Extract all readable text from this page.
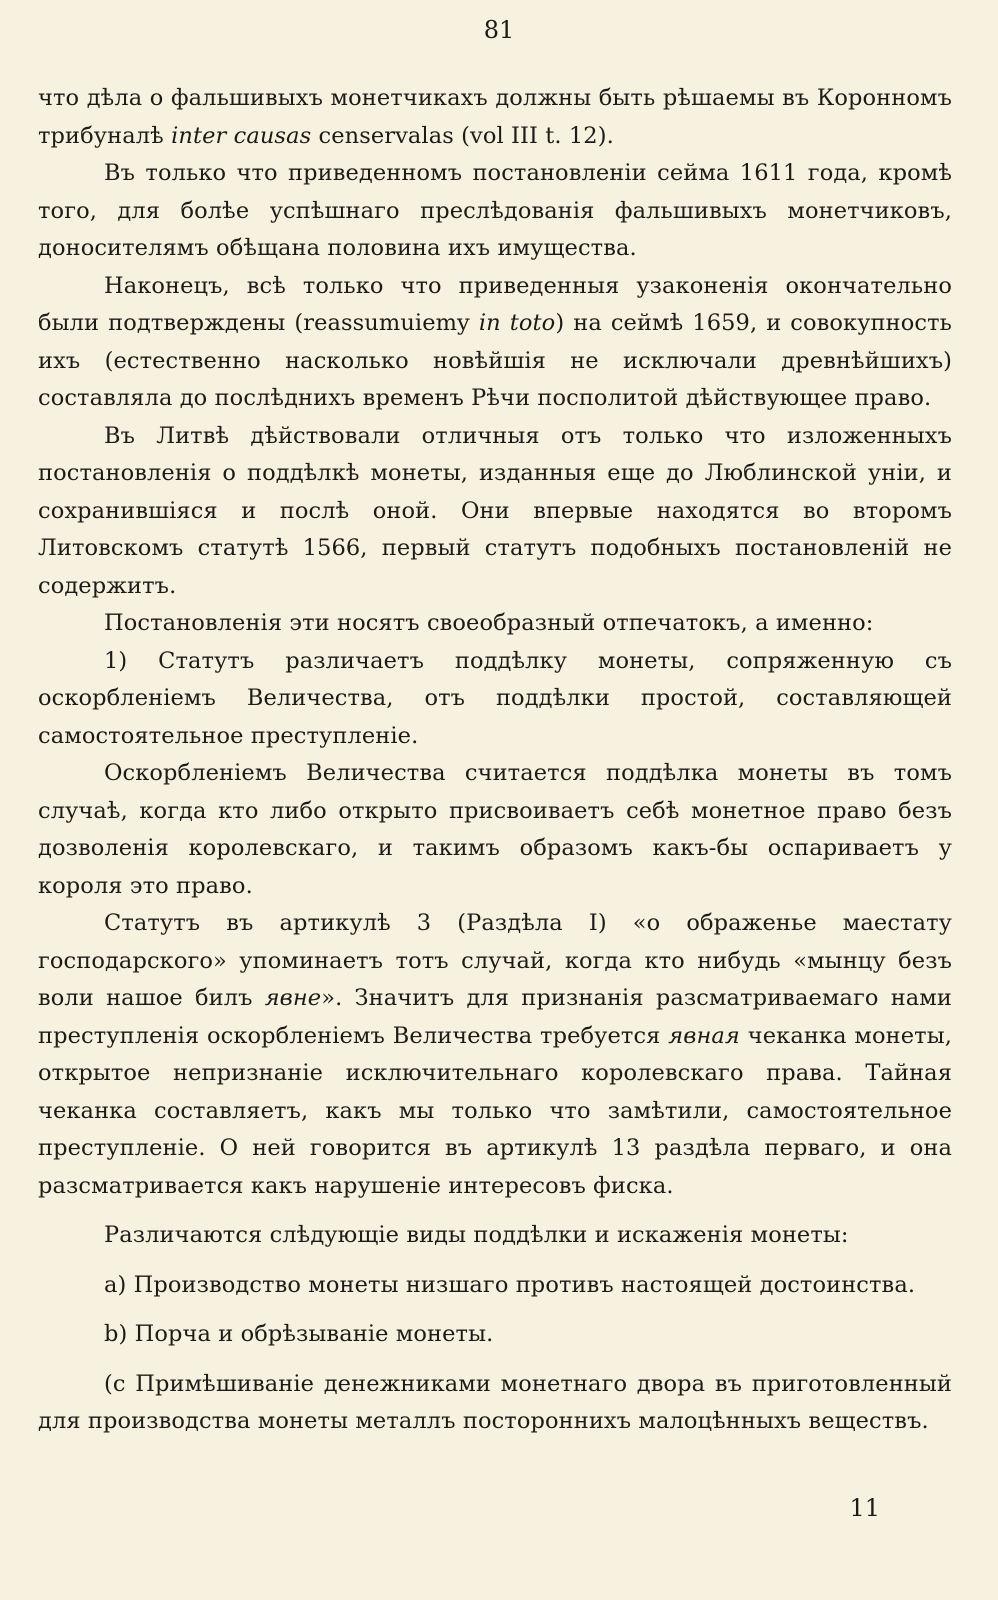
81

что дѣла о фальшивыхъ монетчикахъ должны быть рѣшаемы въ Коронномъ трибуналѣ inter causas censervalas (vol III t. 12).

Въ только что приведенномъ постановленіи сейма 1611 года, кромѣ того, для болѣе успѣшнаго преслѣдованія фальшивыхъ монетчиковъ, доносителямъ обѣщана половина ихъ имущества.

Наконецъ, всѣ только что приведенныя узаконенія окончательно были подтверждены (reassumuiemy in toto) на сеймѣ 1659, и совокупность ихъ (естественно насколько новѣйшія не исключали древнѣйшихъ) составляла до послѣднихъ временъ Рѣчи посполитой дѣйствующее право.

Въ Литвѣ дѣйствовали отличныя отъ только что изложенныхъ постановленія о поддѣлкѣ монеты, изданныя еще до Люблинской уніи, и сохранившіяся и послѣ оной. Они впервые находятся во второмъ Литовскомъ статутѣ 1566, первый статутъ подобныхъ постановленій не содержитъ.

Постановленія эти носятъ своеобразный отпечатокъ, а именно:

1) Статутъ различаетъ поддѣлку монеты, сопряженную съ оскорбленіемъ Величества, отъ поддѣлки простой, составляющей самостоятельное преступленіе.

Оскорбленіемъ Величества считается поддѣлка монеты въ томъ случаѣ, когда кто либо открыто присвоиваетъ себѣ монетное право безъ дозволенія королевскаго, и такимъ образомъ какъ-бы оспариваетъ у короля это право.

Статутъ въ артикулѣ 3 (Раздѣла I) «о ображенье маестату господарского» упоминаетъ тотъ случай, когда кто нибудь «мынцу безъ воли нашое билъ явне». Значитъ для признанія разсматриваемаго нами преступленія оскорбленіемъ Величества требуется явная чеканка монеты, открытое непризнаніе исключительнаго королевскаго права. Тайная чеканка составляетъ, какъ мы только что замѣтили, самостоятельное преступленіе. О ней говорится въ артикулѣ 13 раздѣла перваго, и она разсматривается какъ нарушеніе интересовъ фиска.

Различаются слѣдующіе виды поддѣлки и искаженія монеты:

а) Производство монеты низшаго противъ настоящей достоинства.

b) Порча и обрѣзываніе монеты.

(c Примѣшиваніе денежниками монетнаго двора въ приготовленный для производства монеты металлъ постороннихъ малоцѣнныхъ веществъ.

11
